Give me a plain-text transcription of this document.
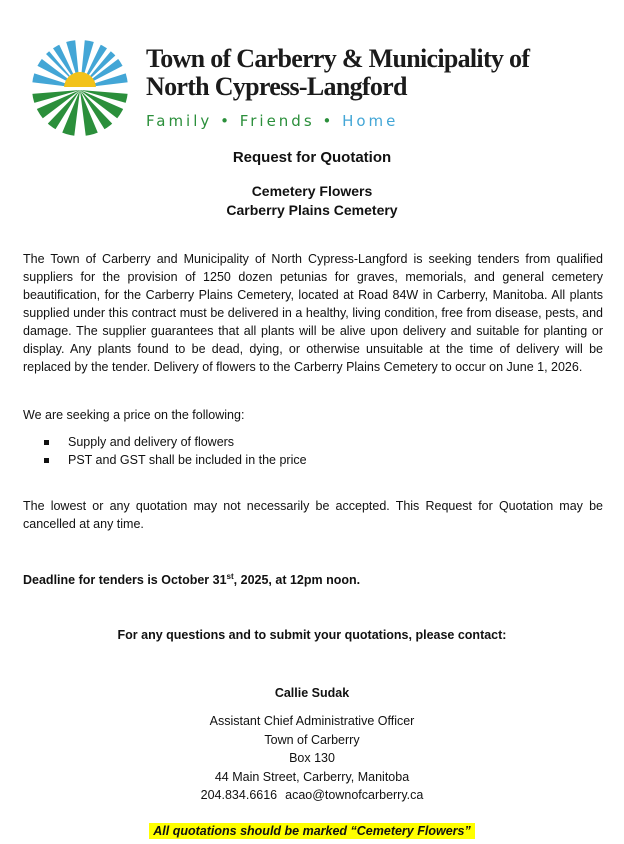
Town of Carberry & Municipality of
North Cypress-Langford
Family • Friends • Home
Request for Quotation
Cemetery Flowers
Carberry Plains Cemetery
The Town of Carberry and Municipality of North Cypress-Langford is seeking tenders from qualified suppliers for the provision of 1250 dozen petunias for graves, memorials, and general cemetery beautification, for the Carberry Plains Cemetery, located at Road 84W in Carberry, Manitoba. All plants supplied under this contract must be delivered in a healthy, living condition, free from disease, pests, and damage. The supplier guarantees that all plants will be alive upon delivery and suitable for planting or display. Any plants found to be dead, dying, or otherwise unsuitable at the time of delivery will be replaced by the tender. Delivery of flowers to the Carberry Plains Cemetery to occur on June 1, 2026.
We are seeking a price on the following:
Supply and delivery of flowers
PST and GST shall be included in the price
The lowest or any quotation may not necessarily be accepted. This Request for Quotation may be cancelled at any time.
Deadline for tenders is October 31st, 2025, at 12pm noon.
For any questions and to submit your quotations, please contact:
Callie Sudak
Assistant Chief Administrative Officer
Town of Carberry
Box 130
44 Main Street, Carberry, Manitoba
204.834.6616 acao@townofcarberry.ca
All quotations should be marked “Cemetery Flowers”
